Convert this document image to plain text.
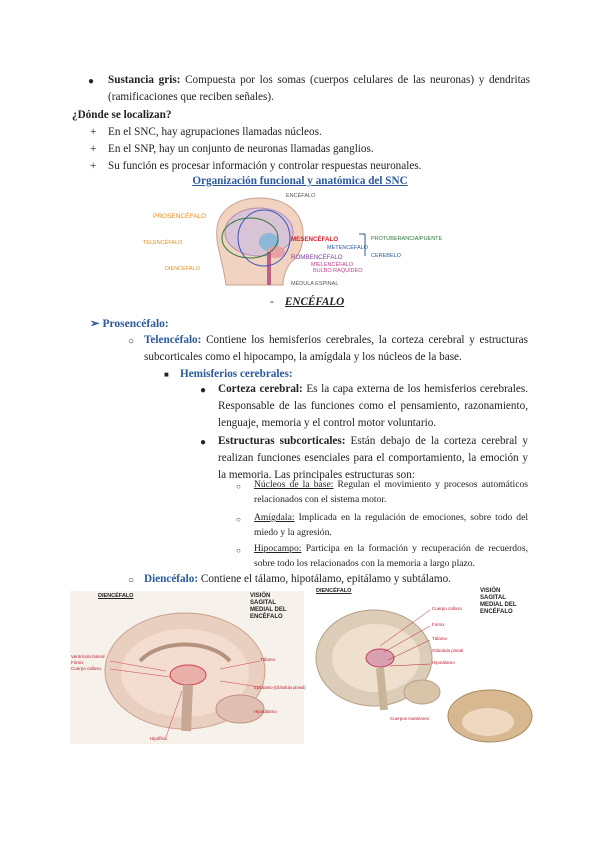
● Sustancia gris: Compuesta por los somas (cuerpos celulares de las neuronas) y dendritas (ramificaciones que reciben señales).
¿Dónde se localizan?
+ En el SNC, hay agrupaciones llamadas núcleos.
+ En el SNP, hay un conjunto de neuronas llamadas ganglios.
+ Su función es procesar información y controlar respuestas neuronales.
Organización funcional y anatómica del SNC
ENCÉFALO
PROSENCÉFALO
TELENCÉFALO
DIENCÉFALO
MESENCÉFALO
METENCÉFALO
ROMBENCÉFALO
MIELENCÉFALO
BULBO RAQUÍDEO
PROTUBERANCIA/PUENTE
CEREBELO
MÉDULA ESPINAL
- ENCÉFALO
➢ Prosencéfalo:
○ Telencéfalo: Contiene los hemisferios cerebrales, la corteza cerebral y estructuras subcorticales como el hipocampo, la amígdala y los núcleos de la base.
■ Hemisferios cerebrales:
● Corteza cerebral: Es la capa externa de los hemisferios cerebrales. Responsable de las funciones como el pensamiento, razonamiento, lenguaje, memoria y el control motor voluntario.
● Estructuras subcorticales: Están debajo de la corteza cerebral y realizan funciones esenciales para el comportamiento, la emoción y la memoria. Las principales estructuras son:
○ Núcleos de la base: Regulan el movimiento y procesos automáticos relacionados con el sistema motor.
○ Amígdala: Implicada en la regulación de emociones, sobre todo del miedo y la agresión.
○ Hipocampo: Participa en la formación y recuperación de recuerdos, sobre todo los relacionados con la memoria a largo plazo.
○ Diencéfalo: Contiene el tálamo, hipotálamo, epitálamo y subtálamo.
DIENCÉFALO	VISIÓN
SAGITAL
MEDIAL DEL
ENCÉFALO
Ventrículo lateral
Fórnix
Cuerpo calloso
Tálamo
Epitálamo (Glándula pineal)
Hipotálamo
Hipófisis
DIENCÉFALO	VISIÓN
SAGITAL
MEDIAL DEL
ENCÉFALO
Cuerpo calloso
Fórnix
Tálamo
Glándula pineal
Hipotálamo
Cuerpos mamilares
